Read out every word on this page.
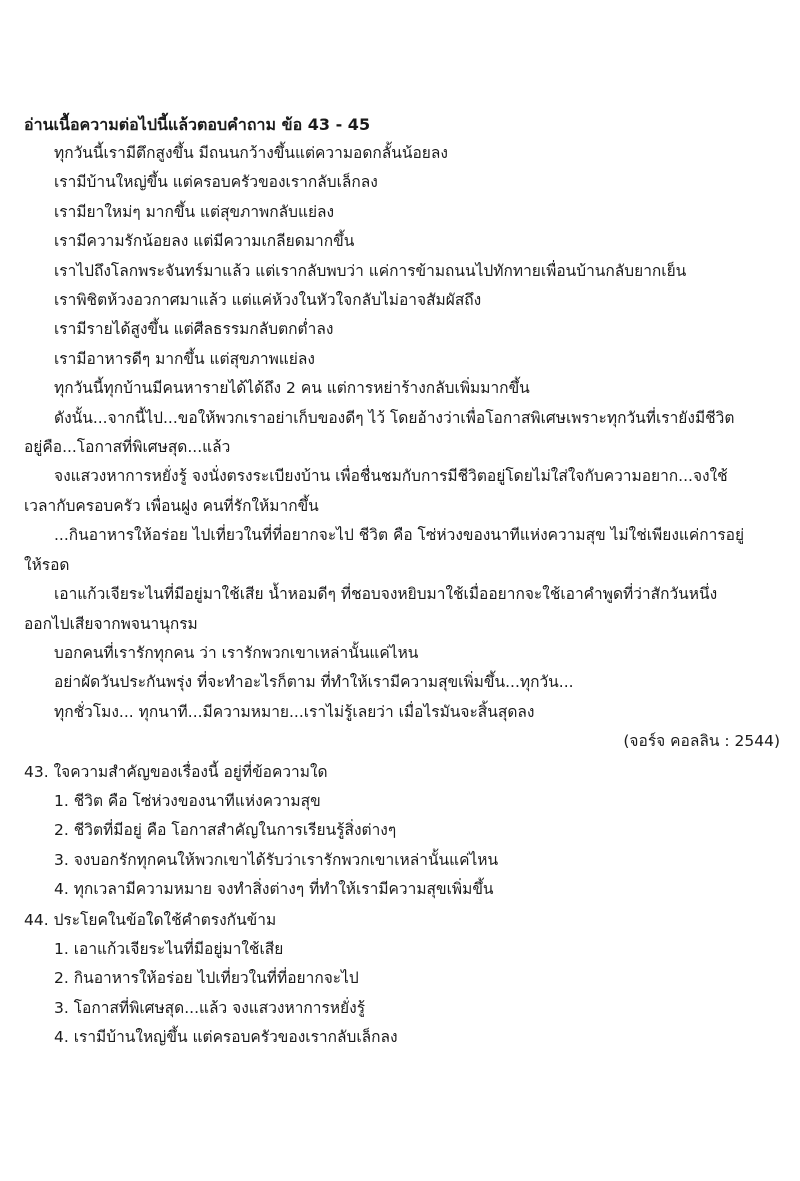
อ่านเนื้อความต่อไปนี้แล้วตอบคำถาม ข้อ 43 - 45
ทุกวันนี้เรามีตึกสูงขึ้น มีถนนกว้างขึ้นแต่ความอดกลั้นน้อยลง
เรามีบ้านใหญ่ขึ้น แต่ครอบครัวของเรากลับเล็กลง
เรามียาใหม่ๆ มากขึ้น แต่สุขภาพกลับแย่ลง
เรามีความรักน้อยลง แต่มีความเกลียดมากขึ้น
เราไปถึงโลกพระจันทร์มาแล้ว แต่เรากลับพบว่า แค่การข้ามถนนไปทักทายเพื่อนบ้านกลับยากเย็น
เราพิชิตห้วงอวกาศมาแล้ว แต่แค่ห้วงในหัวใจกลับไม่อาจสัมผัสถึง
เรามีรายได้สูงขึ้น แต่ศีลธรรมกลับตกต่ำลง
เรามีอาหารดีๆ มากขึ้น แต่สุขภาพแย่ลง
ทุกวันนี้ทุกบ้านมีคนหารายได้ได้ถึง 2 คน แต่การหย่าร้างกลับเพิ่มมากขึ้น
ดังนั้น...จากนี้ไป...ขอให้พวกเราอย่าเก็บของดีๆ ไว้ โดยอ้างว่าเพื่อโอกาสพิเศษเพราะทุกวันที่เรายังมีชีวิต
อยู่คือ...โอกาสที่พิเศษสุด...แล้ว
จงแสวงหาการหยั่งรู้ จงนั่งตรงระเบียงบ้าน เพื่อชื่นชมกับการมีชีวิตอยู่โดยไม่ใส่ใจกับความอยาก...จงใช้
เวลากับครอบครัว เพื่อนฝูง คนที่รักให้มากขึ้น
...กินอาหารให้อร่อย ไปเที่ยวในที่ที่อยากจะไป ชีวิต คือ โซ่ห่วงของนาทีแห่งความสุข ไม่ใช่เพียงแค่การอยู่
ให้รอด
เอาแก้วเจียระไนที่มีอยู่มาใช้เสีย น้ำหอมดีๆ ที่ชอบจงหยิบมาใช้เมื่ออยากจะใช้เอาคำพูดที่ว่าสักวันหนึ่ง
ออกไปเสียจากพจนานุกรม
บอกคนที่เรารักทุกคน ว่า เรารักพวกเขาเหล่านั้นแค่ไหน
อย่าผัดวันประกันพรุ่ง ที่จะทำอะไรก็ตาม ที่ทำให้เรามีความสุขเพิ่มขึ้น...ทุกวัน...
ทุกชั่วโมง... ทุกนาที...มีความหมาย...เราไม่รู้เลยว่า เมื่อไรมันจะสิ้นสุดลง
(จอร์จ คอลลิน : 2544)
43. ใจความสำคัญของเรื่องนี้ อยู่ที่ข้อความใด
1. ชีวิต คือ โซ่ห่วงของนาทีแห่งความสุข
2. ชีวิตที่มีอยู่ คือ โอกาสสำคัญในการเรียนรู้สิ่งต่างๆ
3. จงบอกรักทุกคนให้พวกเขาได้รับว่าเรารักพวกเขาเหล่านั้นแค่ไหน
4. ทุกเวลามีความหมาย จงทำสิ่งต่างๆ ที่ทำให้เรามีความสุขเพิ่มขึ้น
44. ประโยคในข้อใดใช้คำตรงกันข้าม
1. เอาแก้วเจียระไนที่มีอยู่มาใช้เสีย
2. กินอาหารให้อร่อย ไปเที่ยวในที่ที่อยากจะไป
3. โอกาสที่พิเศษสุด...แล้ว จงแสวงหาการหยั่งรู้
4. เรามีบ้านใหญ่ขึ้น แต่ครอบครัวของเรากลับเล็กลง
